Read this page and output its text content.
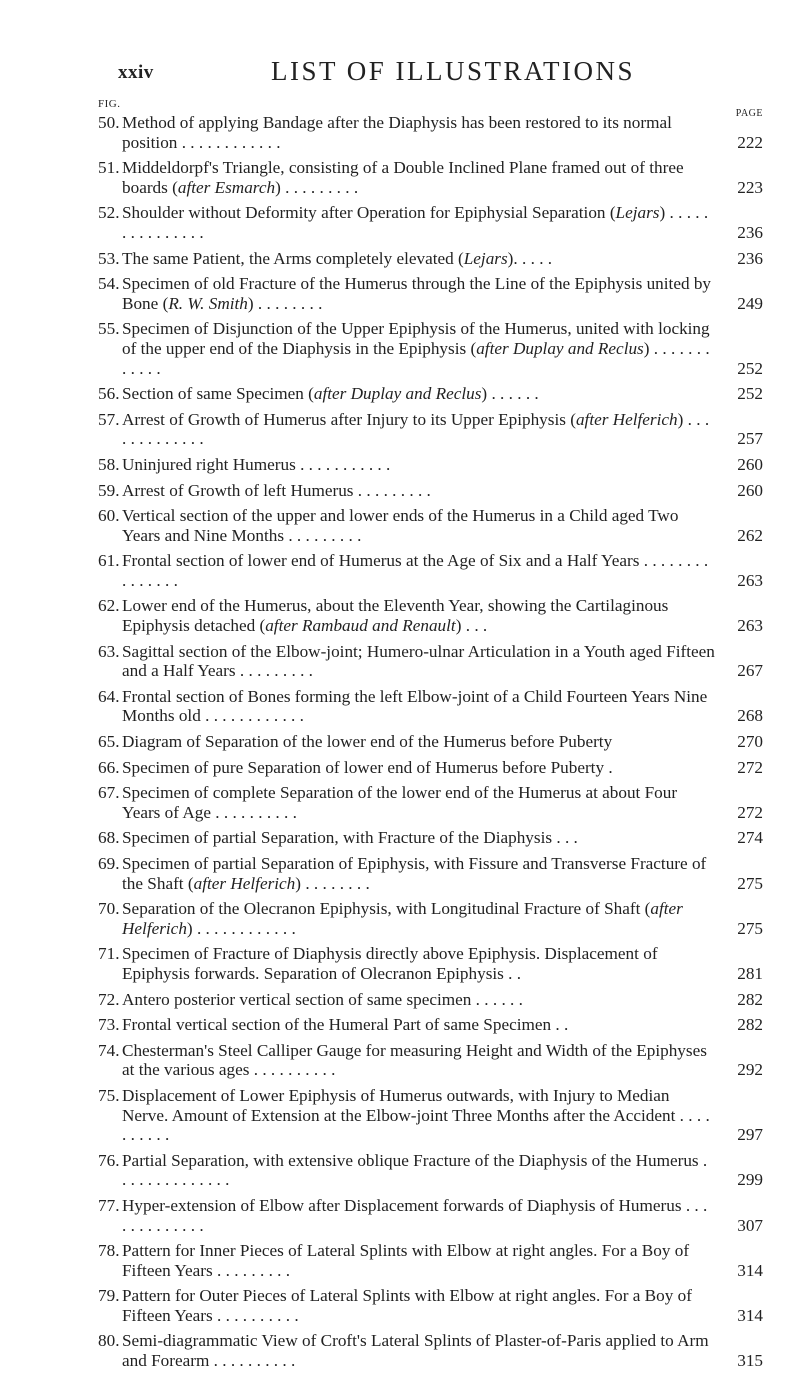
xxiv	LIST OF ILLUSTRATIONS
FIG.
PAGE
50. Method of applying Bandage after the Diaphysis has been restored to its normal position . . . . . . . . . . . .	222
51. Middeldorpf's Triangle, consisting of a Double Inclined Plane framed out of three boards (after Esmarch) . . . . . . . . .	223
52. Shoulder without Deformity after Operation for Epiphysial Separation (Lejars) . . . . . . . . . . . . . . .	236
53. The same Patient, the Arms completely elevated (Lejars). . . . .	236
54. Specimen of old Fracture of the Humerus through the Line of the Epiphysis united by Bone (R. W. Smith) . . . . . . . .	249
55. Specimen of Disjunction of the Upper Epiphysis of the Humerus, united with locking of the upper end of the Diaphysis in the Epiphysis (after Duplay and Reclus) . . . . . . . . . . . .	252
56. Section of same Specimen (after Duplay and Reclus) . . . . . .	252
57. Arrest of Growth of Humerus after Injury to its Upper Epiphysis (after Helferich) . . . . . . . . . . . . .	257
58. Uninjured right Humerus . . . . . . . . . . .	260
59. Arrest of Growth of left Humerus . . . . . . . . .	260
60. Vertical section of the upper and lower ends of the Humerus in a Child aged Two Years and Nine Months . . . . . . . . .	262
61. Frontal section of lower end of Humerus at the Age of Six and a Half Years . . . . . . . . . . . . . . .	263
62. Lower end of the Humerus, about the Eleventh Year, showing the Cartilaginous Epiphysis detached (after Rambaud and Renault) . . .	263
63. Sagittal section of the Elbow-joint; Humero-ulnar Articulation in a Youth aged Fifteen and a Half Years . . . . . . . . .	267
64. Frontal section of Bones forming the left Elbow-joint of a Child Fourteen Years Nine Months old . . . . . . . . . . . .	268
65. Diagram of Separation of the lower end of the Humerus before Puberty	270
66. Specimen of pure Separation of lower end of Humerus before Puberty .	272
67. Specimen of complete Separation of the lower end of the Humerus at about Four Years of Age . . . . . . . . . .	272
68. Specimen of partial Separation, with Fracture of the Diaphysis . . .	274
69. Specimen of partial Separation of Epiphysis, with Fissure and Transverse Fracture of the Shaft (after Helferich) . . . . . . . .	275
70. Separation of the Olecranon Epiphysis, with Longitudinal Fracture of Shaft (after Helferich) . . . . . . . . . . . .	275
71. Specimen of Fracture of Diaphysis directly above Epiphysis. Displacement of Epiphysis forwards. Separation of Olecranon Epiphysis . .	281
72. Antero posterior vertical section of same specimen . . . . . .	282
73. Frontal vertical section of the Humeral Part of same Specimen . .	282
74. Chesterman's Steel Calliper Gauge for measuring Height and Width of the Epiphyses at the various ages . . . . . . . . . .	292
75. Displacement of Lower Epiphysis of Humerus outwards, with Injury to Median Nerve. Amount of Extension at the Elbow-joint Three Months after the Accident . . . . . . . . . .	297
76. Partial Separation, with extensive oblique Fracture of the Diaphysis of the Humerus . . . . . . . . . . . . . .	299
77. Hyper-extension of Elbow after Displacement forwards of Diaphysis of Humerus . . . . . . . . . . . . .	307
78. Pattern for Inner Pieces of Lateral Splints with Elbow at right angles. For a Boy of Fifteen Years . . . . . . . . .	314
79. Pattern for Outer Pieces of Lateral Splints with Elbow at right angles. For a Boy of Fifteen Years . . . . . . . . . .	314
80. Semi-diagrammatic View of Croft's Lateral Splints of Plaster-of-Paris applied to Arm and Forearm . . . . . . . . . .	315
